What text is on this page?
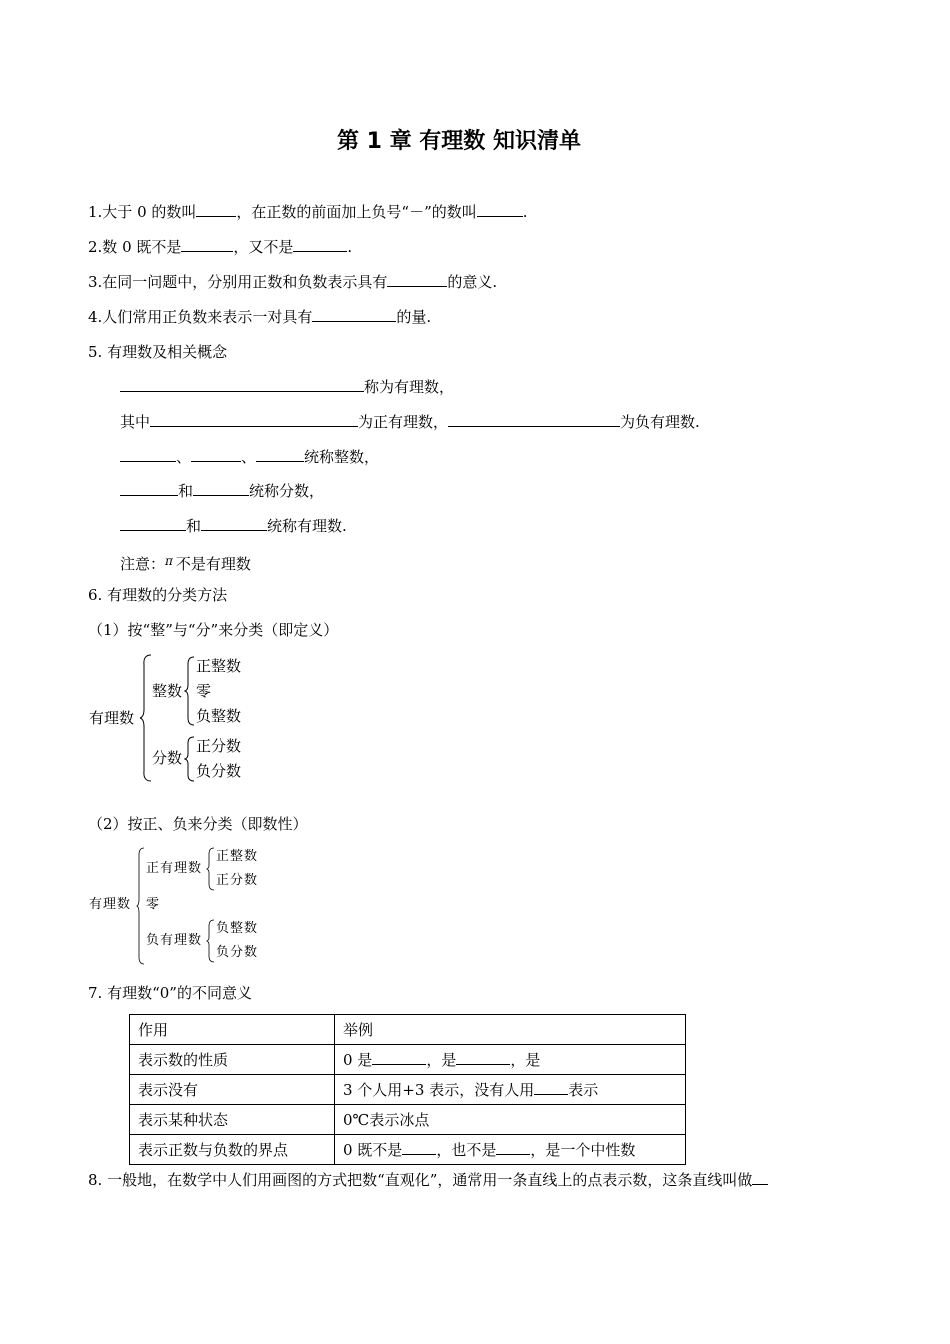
第 1 章 有理数 知识清单
1.大于 0 的数叫	，在正数的前面加上负号“－”的数叫	.
2.数 0 既不是	，又不是	.
3.在同一问题中，分别用正数和负数表示具有	的意义.
4.人们常用正负数来表示一对具有	的量.
5. 有理数及相关概念
称为有理数，
其中	为正有理数，	为负有理数.
、	、	统称整数，
和	统称分数，
和	统称有理数.
注意：$^\pi$ 不是有理数
6. 有理数的分类方法
（1）按“整”与“分”来分类（即定义）
有理数
整数
正整数
零
负整数
分数
正分数
负分数
（2）按正、负来分类（即数性）
有理数
正有理数
正整数
正分数
零
负有理数
负整数
负分数
7. 有理数“0”的不同意义
作用	举例
表示数的性质	0 是 ，是 ，是
表示没有	3 个人用+3 表示，没有人用 表示
表示某种状态	0℃表示冰点
表示正数与负数的界点	0 既不是 ，也不是 ，是一个中性数
8. 一般地，在数学中人们用画图的方式把数“直观化”，通常用一条直线上的点表示数，这条直线叫做
